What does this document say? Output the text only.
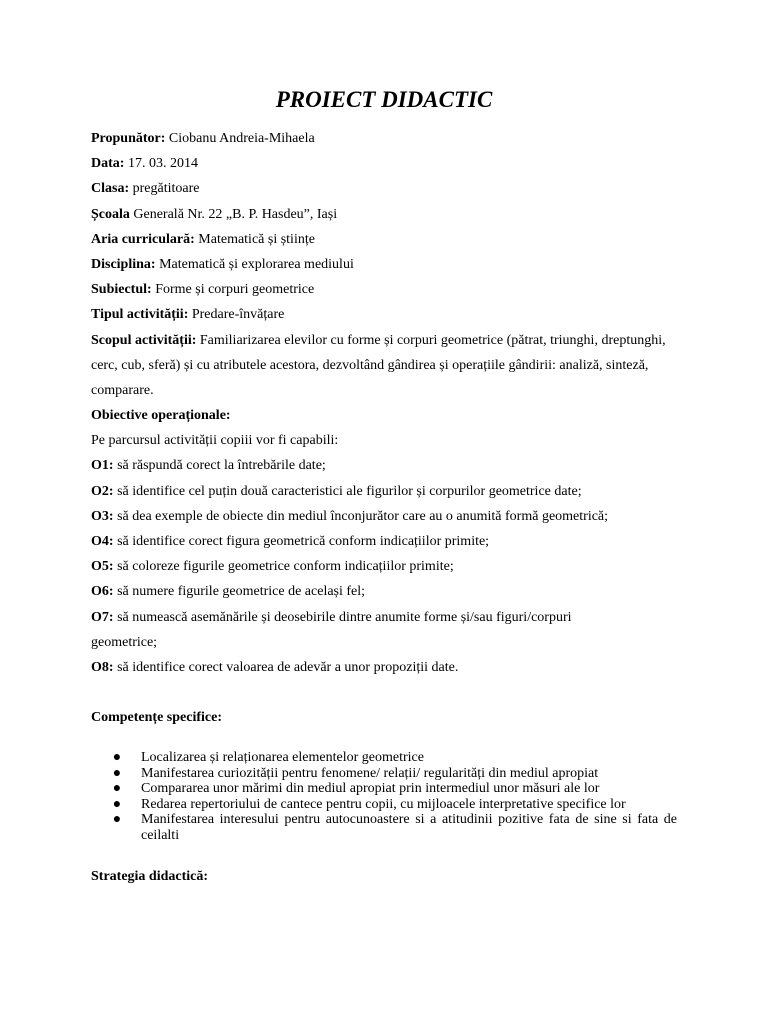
PROIECT DIDACTIC
Propunător: Ciobanu Andreia-Mihaela
Data: 17. 03. 2014
Clasa: pregătitoare
Școala Generală Nr. 22 „B. P. Hasdeu”, Iași
Aria curriculară: Matematică și științe
Disciplina: Matematică și explorarea mediului
Subiectul: Forme și corpuri geometrice
Tipul activității: Predare-învățare
Scopul activității: Familiarizarea elevilor cu forme și corpuri geometrice (pătrat, triunghi, dreptunghi, cerc, cub, sferă) și cu atributele acestora, dezvoltând gândirea și operațiile gândirii: analiză, sinteză, comparare.
Obiective operaționale:
Pe parcursul activității copiii vor fi capabili:
O1: să răspundă corect la întrebările date;
O2: să identifice cel puțin două caracteristici ale figurilor și corpurilor geometrice date;
O3: să dea exemple de obiecte din mediul înconjurător care au o anumită formă geometrică;
O4: să identifice corect figura geometrică conform indicațiilor primite;
O5: să coloreze figurile geometrice conform indicațiilor primite;
O6: să numere figurile geometrice de același fel;
O7: să numească asemănările și deosebirile dintre anumite forme și/sau figuri/corpuri geometrice;
O8: să identifice corect valoarea de adevăr a unor propoziții date.
Competențe specifice:
●	Localizarea și relaționarea elementelor geometrice
●	Manifestarea curiozității pentru fenomene/ relații/ regularități din mediul apropiat
●	Compararea unor mărimi din mediul apropiat prin intermediul unor măsuri ale lor
●	Redarea repertoriului de cantece pentru copii, cu mijloacele interpretative specifice lor
●	Manifestarea interesului pentru autocunoastere si a atitudinii pozitive fata de sine si fata de ceilalti
Strategia didactică:
